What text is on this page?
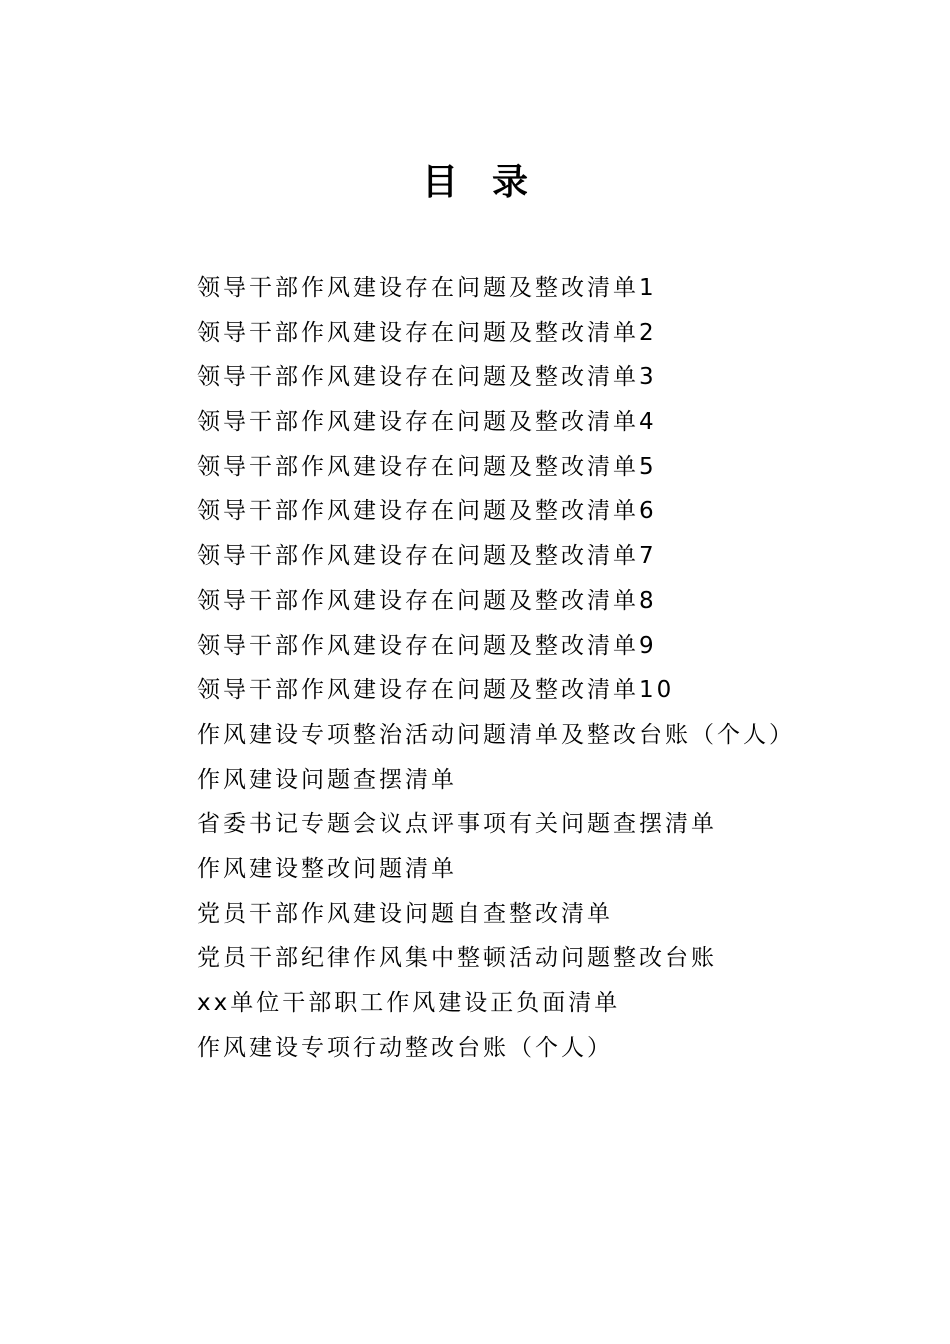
目录
领导干部作风建设存在问题及整改清单1
领导干部作风建设存在问题及整改清单2
领导干部作风建设存在问题及整改清单3
领导干部作风建设存在问题及整改清单4
领导干部作风建设存在问题及整改清单5
领导干部作风建设存在问题及整改清单6
领导干部作风建设存在问题及整改清单7
领导干部作风建设存在问题及整改清单8
领导干部作风建设存在问题及整改清单9
领导干部作风建设存在问题及整改清单10
作风建设专项整治活动问题清单及整改台账（个人）
作风建设问题查摆清单
省委书记专题会议点评事项有关问题查摆清单
作风建设整改问题清单
党员干部作风建设问题自查整改清单
党员干部纪律作风集中整顿活动问题整改台账
xx单位干部职工作风建设正负面清单
作风建设专项行动整改台账（个人）
